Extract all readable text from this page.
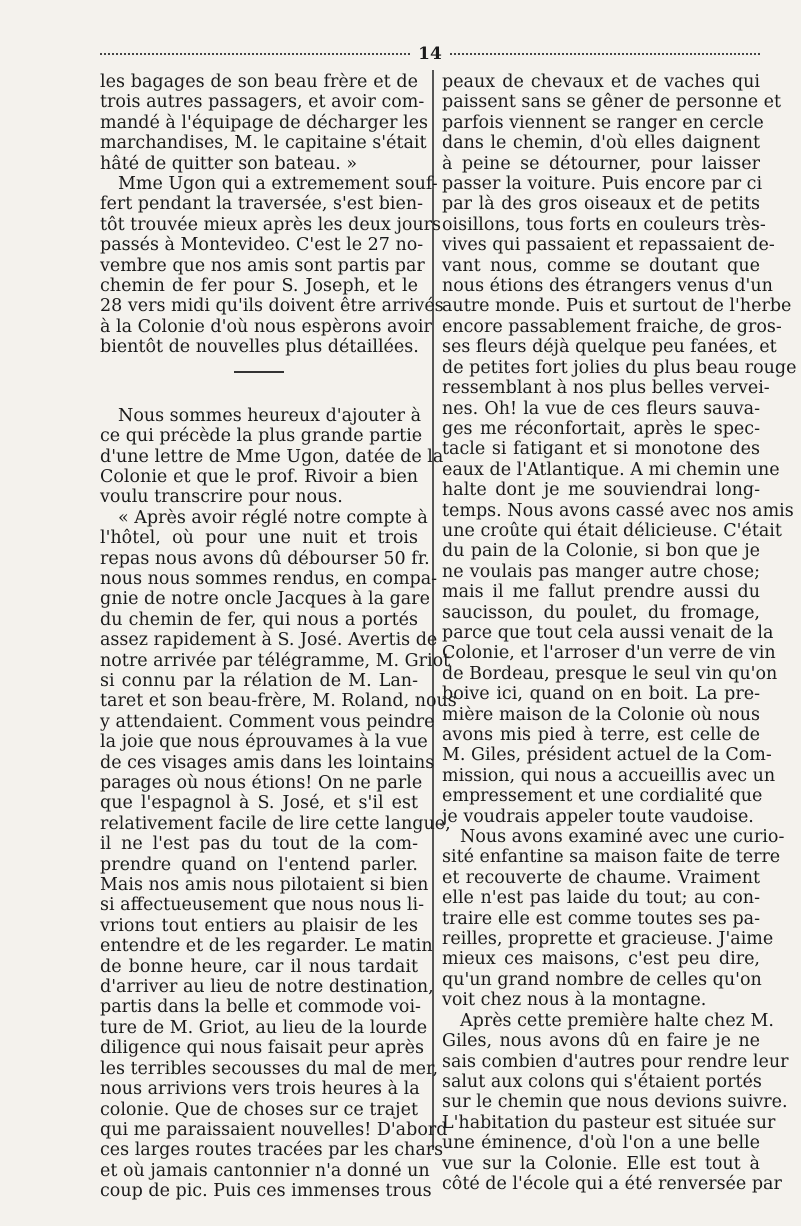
14
les bagages de son beau frère et de
trois autres passagers, et avoir com-
mandé à l'équipage de décharger les
marchandises, M. le capitaine s'était
hâté de quitter son bateau. »
Mme Ugon qui a extremement souf-
fert pendant la traversée, s'est bien-
tôt trouvée mieux après les deux jours
passés à Montevideo. C'est le 27 no-
vembre que nos amis sont partis par
chemin de fer pour S. Joseph, et le
28 vers midi qu'ils doivent être arrivés
à la Colonie d'où nous espèrons avoir
bientôt de nouvelles plus détaillées.
Nous sommes heureux d'ajouter à
ce qui précède la plus grande partie
d'une lettre de Mme Ugon, datée de la
Colonie et que le prof. Rivoir a bien
voulu transcrire pour nous.
« Après avoir réglé notre compte à
l'hôtel, où pour une nuit et trois
repas nous avons dû débourser 50 fr.
nous nous sommes rendus, en compa-
gnie de notre oncle Jacques à la gare
du chemin de fer, qui nous a portés
assez rapidement à S. José. Avertis de
notre arrivée par télégramme, M. Griot
si connu par la rélation de M. Lan-
taret et son beau-frère, M. Roland, nous
y attendaient. Comment vous peindre
la joie que nous éprouvames à la vue
de ces visages amis dans les lointains
parages où nous étions! On ne parle
que l'espagnol à S. José, et s'il est
relativement facile de lire cette langue,
il ne l'est pas du tout de la com-
prendre quand on l'entend parler.
Mais nos amis nous pilotaient si bien
si affectueusement que nous nous li-
vrions tout entiers au plaisir de les
entendre et de les regarder. Le matin
de bonne heure, car il nous tardait
d'arriver au lieu de notre destination,
partis dans la belle et commode voi-
ture de M. Griot, au lieu de la lourde
diligence qui nous faisait peur après
les terribles secousses du mal de mer,
nous arrivions vers trois heures à la
colonie. Que de choses sur ce trajet
qui me paraissaient nouvelles! D'abord
ces larges routes tracées par les chars
et où jamais cantonnier n'a donné un
coup de pic. Puis ces immenses trous
peaux de chevaux et de vaches qui
paissent sans se gêner de personne et
parfois viennent se ranger en cercle
dans le chemin, d'où elles daignent
à peine se détourner, pour laisser
passer la voiture. Puis encore par ci
par là des gros oiseaux et de petits
oisillons, tous forts en couleurs très-
vives qui passaient et repassaient de-
vant nous, comme se doutant que
nous étions des étrangers venus d'un
autre monde. Puis et surtout de l'herbe
encore passablement fraiche, de gros-
ses fleurs déjà quelque peu fanées, et
de petites fort jolies du plus beau rouge
ressemblant à nos plus belles vervei-
nes. Oh! la vue de ces fleurs sauva-
ges me réconfortait, après le spec-
tacle si fatigant et si monotone des
eaux de l'Atlantique. A mi chemin une
halte dont je me souviendrai long-
temps. Nous avons cassé avec nos amis
une croûte qui était délicieuse. C'était
du pain de la Colonie, si bon que je
ne voulais pas manger autre chose;
mais il me fallut prendre aussi du
saucisson, du poulet, du fromage,
parce que tout cela aussi venait de la
Colonie, et l'arroser d'un verre de vin
de Bordeau, presque le seul vin qu'on
boive ici, quand on en boit. La pre-
mière maison de la Colonie où nous
avons mis pied à terre, est celle de
M. Giles, président actuel de la Com-
mission, qui nous a accueillis avec un
empressement et une cordialité que
je voudrais appeler toute vaudoise.
Nous avons examiné avec une curio-
sité enfantine sa maison faite de terre
et recouverte de chaume. Vraiment
elle n'est pas laide du tout; au con-
traire elle est comme toutes ses pa-
reilles, proprette et gracieuse. J'aime
mieux ces maisons, c'est peu dire,
qu'un grand nombre de celles qu'on
voit chez nous à la montagne.
Après cette première halte chez M.
Giles, nous avons dû en faire je ne
sais combien d'autres pour rendre leur
salut aux colons qui s'étaient portés
sur le chemin que nous devions suivre.
L'habitation du pasteur est située sur
une éminence, d'où l'on a une belle
vue sur la Colonie. Elle est tout à
côté de l'école qui a été renversée par
